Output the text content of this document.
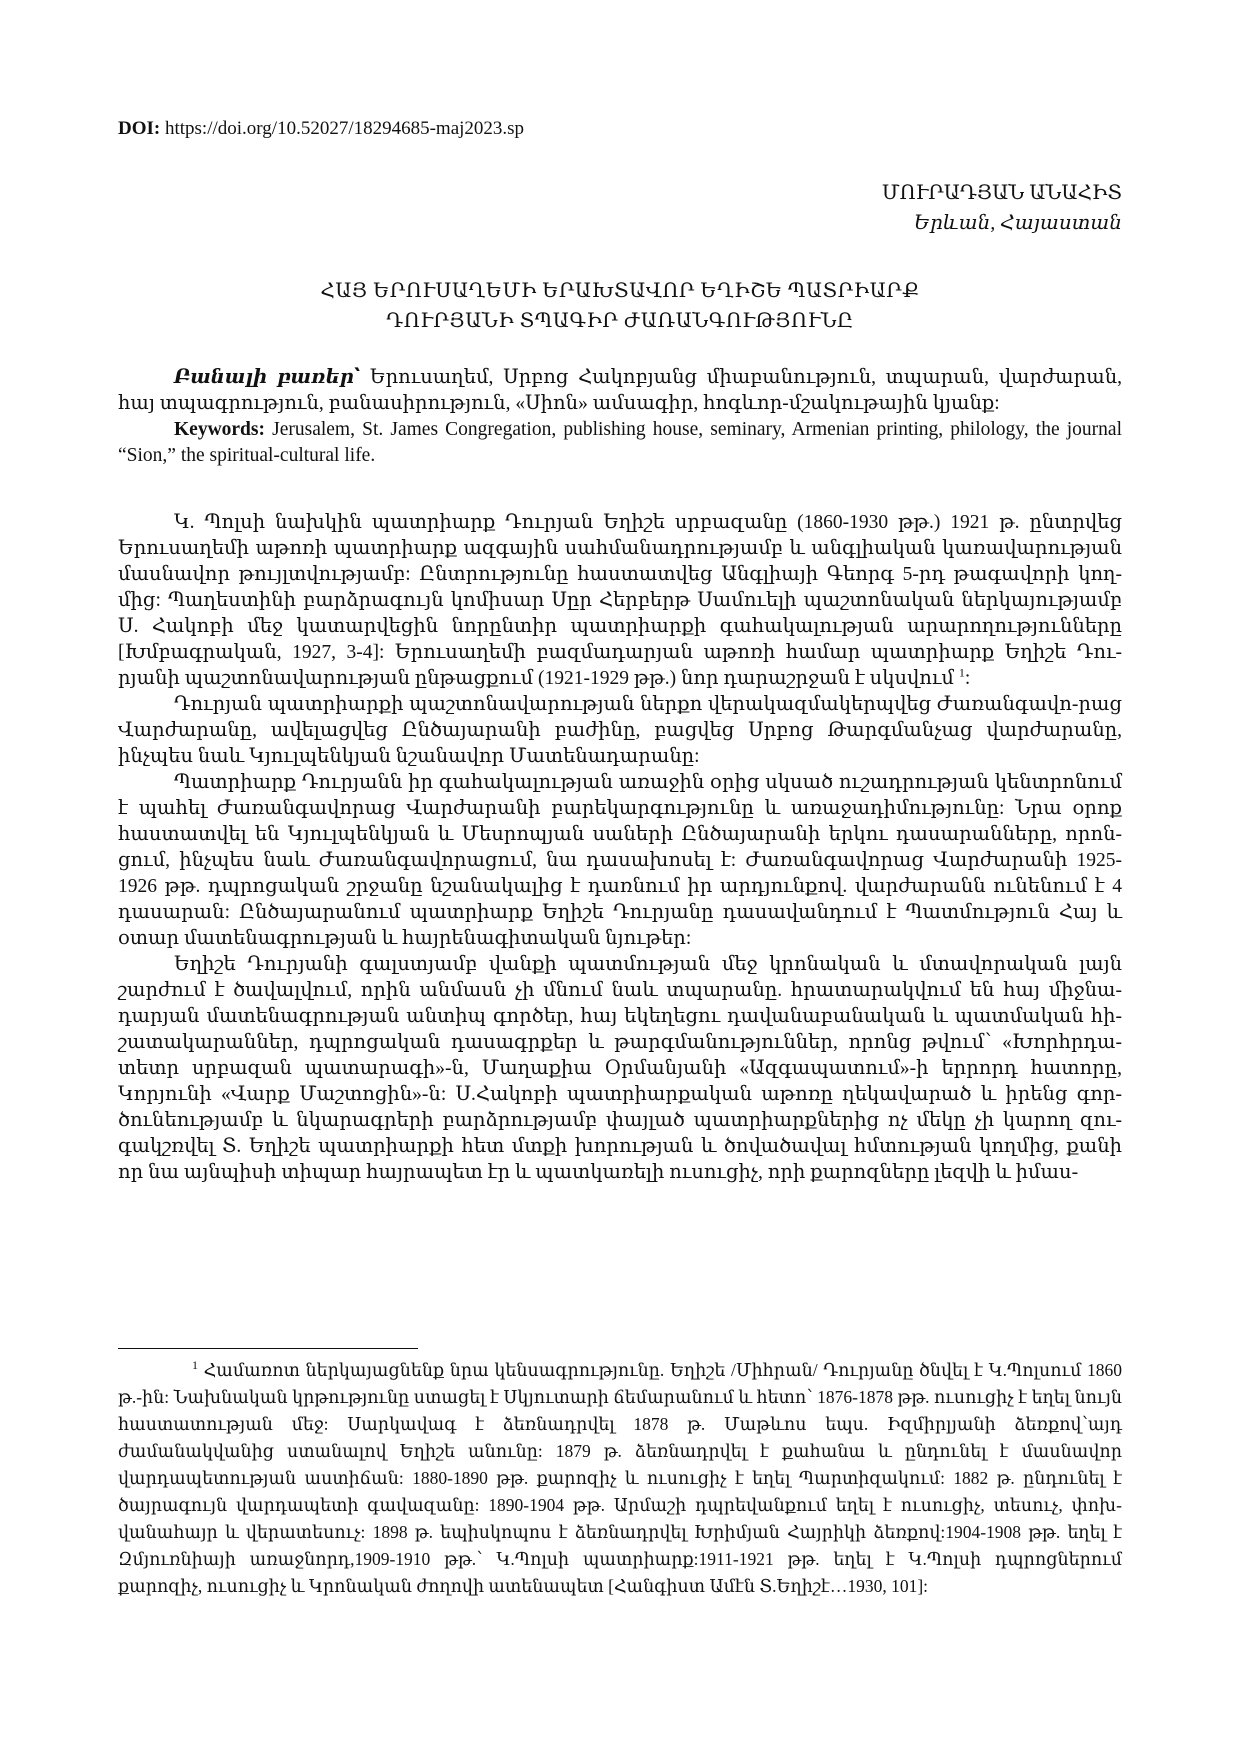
DOI: https://doi.org/10.52027/18294685-maj2023.sp
ՄՈՒՐԱԴՅԱՆ ԱՆԱՀԻՏ
Երևան, Հայաստան
ՀԱՅ ԵՐՈՒՍԱՂԵՄԻ ԵՐԱԽՏԱՎՈՐ ԵՂԻՇԵ ՊԱՏՐԻԱՐՔ
ԴՈՒՐՅԱՆԻ ՏՊԱԳԻՐ ԺԱՌԱՆԳՈՒԹՅՈՒՆԸ

Բանալի բառեր՝ Երուսաղեմ, Սրբոց Հակոբյանց միաբանություն, տպարան, վարժարան, հայ տպագրություն, բանասիրություն, «Սիոն» ամսագիր, հոգևոր-մշակութային կյանք:

Keywords: Jerusalem, St. James Congregation, publishing house, seminary, Armenian printing, philology, the journal “Sion,” the spiritual-cultural life.

Կ. Պոլսի նախկին պատրիարք Դուրյան Եղիշե սրբազանը (1860-1930 թթ.) 1921 թ. ընտրվեց Երուսաղեմի աթոռի պատրիարք ազգային սահմանադրությամբ և անգլիական կառավարության մասնավոր թույլտվությամբ: Ընտրությունը հաստատվեց Անգլիայի Գեորգ 5-րդ թագավորի կող-մից: Պաղեստինի բարձրագույն կոմիսար Սըր Հերբերթ Սամուելի պաշտոնական ներկայությամբ Ս. Հակոբի մեջ կատարվեցին նորընտիր պատրիարքի գահակալության արարողությունները [Խմբագրական, 1927, 3-4]: Երուսաղեմի բազմադարյան աթոռի համար պատրիարք Եղիշե Դու-րյանի պաշտոնավարության ընթացքում (1921-1929 թթ.) նոր դարաշրջան է սկսվում $^1$:

Դուրյան պատրիարքի պաշտոնավարության ներքո վերակազմակերպվեց Ժառանգավո-րաց Վարժարանը, ավելացվեց Ընծայարանի բաժինը, բացվեց Սրբոց Թարգմանչաց վարժարանը, ինչպես նաև Կյուլպենկյան նշանավոր Մատենադարանը:

Պատրիարք Դուրյանն իր գահակալության առաջին օրից սկսած ուշադրության կենտրոնում է պահել Ժառանգավորաց Վարժարանի բարեկարգությունը և առաջադիմությունը: Նրա օրոք հաստատվել են Կյուլպենկյան և Մեսրոպյան սաների Ընծայարանի երկու դասարանները, որոն-ցում, ինչպես նաև Ժառանգավորացում, նա դասախոսել է: Ժառանգավորաց Վարժարանի 1925-1926 թթ. դպրոցական շրջանը նշանակալից է դառնում իր արդյունքով. վարժարանն ունենում է 4 դասարան: Ընծայարանում պատրիարք Եղիշե Դուրյանը դասավանդում է Պատմություն Հայ և օտար մատենագրության և հայրենագիտական նյութեր:

Եղիշե Դուրյանի գալստյամբ վանքի պատմության մեջ կրոնական և մտավորական լայն շարժում է ծավալվում, որին անմասն չի մնում նաև տպարանը. հրատարակվում են հայ միջնա-դարյան մատենագրության անտիպ գործեր, հայ եկեղեցու դավանաբանական և պատմական հի-շատակարաններ, դպրոցական դասագրքեր և թարգմանություններ, որոնց թվում՝ «Խորհրդա-տետր սրբազան պատարագի»-ն, Մաղաքիա Օրմանյանի «Ազգապատում»-ի երրորդ հատորը, Կորյունի «Վարք Մաշտոցին»-ն: Ս.Հակոբի պատրիարքական աթոռը ղեկավարած և իրենց գոր-ծունեությամբ և նկարագրերի բարձրությամբ փայլած պատրիարքներից ոչ մեկը չի կարող զու-գակշռվել Տ. Եղիշե պատրիարքի հետ մտքի խորության և ծովածավալ հմտության կողմից, քանի որ նա այնպիսի տիպար հայրապետ էր և պատկառելի ուսուցիչ, որի քարոզները լեզվի և իմաս-

$^1$ Համառոտ ներկայացնենք նրա կենսագրությունը. Եղիշե /Միհրան/ Դուրյանը ծնվել է Կ.Պոլսում 1860 թ.-ին: Նախնական կրթությունը ստացել է Սկյուտարի ճեմարանում և հետո՝ 1876-1878 թթ. ուսուցիչ է եղել նույն հաստատության մեջ: Սարկավագ է ձեռնադրվել 1878 թ. Մաթևոս եպս. Իզմիրլյանի ձեռքով՝այդ ժամանակվանից ստանալով Եղիշե անունը: 1879 թ. ձեռնադրվել է քահանա և ընդունել է մասնավոր վարդապետության աստիճան: 1880-1890 թթ. քարոզիչ և ուսուցիչ է եղել Պարտիզակում: 1882 թ. ընդունել է ծայրագույն վարդապետի գավազանը: 1890-1904 թթ. Արմաշի դպրեվանքում եղել է ուսուցիչ, տեսուչ, փոխ-վանահայր և վերատեսուչ: 1898 թ. եպիսկոպոս է ձեռնադրվել Խրիմյան Հայրիկի ձեռքով:1904-1908 թթ. եղել է Զմյուռնիայի առաջնորդ,1909-1910 թթ.՝ Կ.Պոլսի պատրիարք:1911-1921 թթ. եղել է Կ.Պոլսի դպրոցներում քարոզիչ, ուսուցիչ և Կրոնական ժողովի ատենապետ [Հանգիստ Ամէն Տ.Եղիշէ…1930, 101]:
